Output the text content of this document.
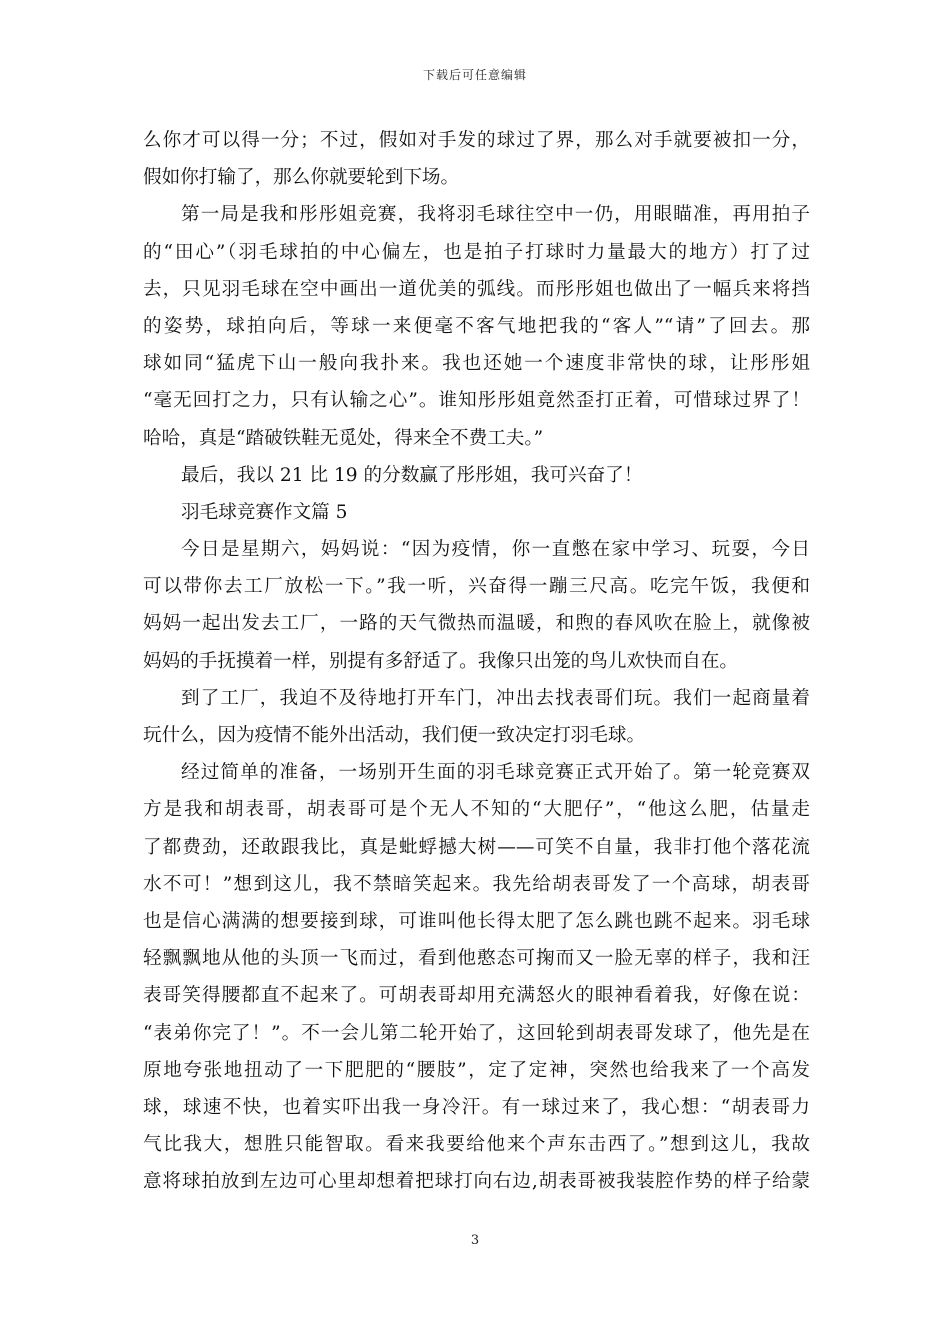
下载后可任意编辑
么你才可以得一分；不过，假如对手发的球过了界，那么对手就要被扣一分，
假如你打输了，那么你就要轮到下场。
第一局是我和彤彤姐竞赛，我将羽毛球往空中一仍，用眼瞄准，再用拍子
的“田心”（羽毛球拍的中心偏左，也是拍子打球时力量最大的地方）打了过
去，只见羽毛球在空中画出一道优美的弧线。而彤彤姐也做出了一幅兵来将挡
的姿势，球拍向后，等球一来便毫不客气地把我的“客人”“请”了回去。那
球如同“猛虎下山一般向我扑来。我也还她一个速度非常快的球，让彤彤姐
“毫无回打之力，只有认输之心”。谁知彤彤姐竟然歪打正着，可惜球过界了！
哈哈，真是“踏破铁鞋无觅处，得来全不费工夫。”
最后，我以 21 比 19 的分数赢了彤彤姐，我可兴奋了！
羽毛球竞赛作文篇 5
今日是星期六，妈妈说：“因为疫情，你一直憋在家中学习、玩耍，今日
可以带你去工厂放松一下。”我一听，兴奋得一蹦三尺高。吃完午饭，我便和
妈妈一起出发去工厂，一路的天气微热而温暖，和煦的春风吹在脸上，就像被
妈妈的手抚摸着一样，别提有多舒适了。我像只出笼的鸟儿欢快而自在。
到了工厂，我迫不及待地打开车门，冲出去找表哥们玩。我们一起商量着
玩什么，因为疫情不能外出活动，我们便一致决定打羽毛球。
经过简单的准备，一场别开生面的羽毛球竞赛正式开始了。第一轮竞赛双
方是我和胡表哥，胡表哥可是个无人不知的“大肥仔”，“他这么肥，估量走
了都费劲，还敢跟我比，真是蚍蜉撼大树——可笑不自量，我非打他个落花流
水不可！”想到这儿，我不禁暗笑起来。我先给胡表哥发了一个高球，胡表哥
也是信心满满的想要接到球，可谁叫他长得太肥了怎么跳也跳不起来。羽毛球
轻飘飘地从他的头顶一飞而过，看到他憨态可掬而又一脸无辜的样子，我和汪
表哥笑得腰都直不起来了。可胡表哥却用充满怒火的眼神看着我，好像在说：
“表弟你完了！”。不一会儿第二轮开始了，这回轮到胡表哥发球了，他先是在
原地夸张地扭动了一下肥肥的“腰肢”，定了定神，突然也给我来了一个高发
球，球速不快，也着实吓出我一身冷汗。有一球过来了，我心想：“胡表哥力
气比我大，想胜只能智取。看来我要给他来个声东击西了。”想到这儿，我故
意将球拍放到左边可心里却想着把球打向右边,胡表哥被我装腔作势的样子给蒙
3
